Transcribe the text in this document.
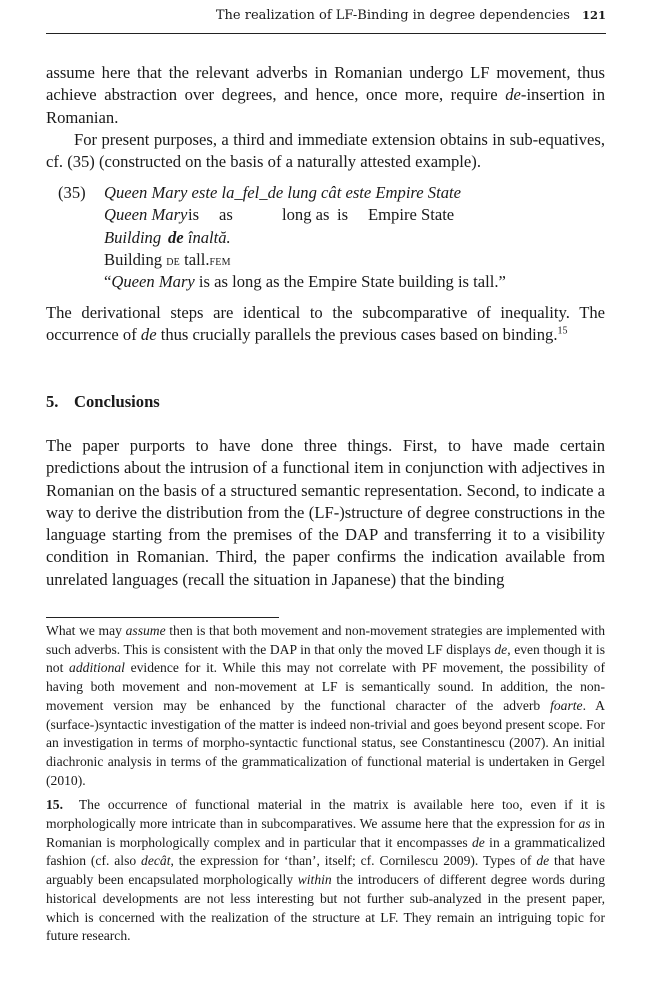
The realization of LF-Binding in degree dependencies 121

assume here that the relevant adverbs in Romanian undergo LF movement, thus achieve abstraction over degrees, and hence, once more, require de-insertion in Romanian.

For present purposes, a third and immediate extension obtains in sub-equatives, cf. (35) (constructed on the basis of a naturally attested example).

(35) Queen Mary este la_fel_de lung cât este Empire State
Queen Maryis as	long as is Empire State
Building de înaltă.
Building de tall.fem
“Queen Mary is as long as the Empire State building is tall.”

The derivational steps are identical to the subcomparative of inequality. The occurrence of de thus crucially parallels the previous cases based on binding.$^{15}$

5. Conclusions

The paper purports to have done three things. First, to have made certain predictions about the intrusion of a functional item in conjunction with adjectives in Romanian on the basis of a structured semantic representation. Second, to indicate a way to derive the distribution from the (LF-)structure of degree constructions in the language starting from the premises of the DAP and transferring it to a visibility condition in Romanian. Third, the paper confirms the indication available from unrelated languages (recall the situation in Japanese) that the binding

What we may assume then is that both movement and non-movement strategies are implemented with such adverbs. This is consistent with the DAP in that only the moved LF displays de, even though it is not additional evidence for it. While this may not correlate with PF movement, the possibility of having both movement and non-movement at LF is semantically sound. In addition, the non-movement version may be enhanced by the functional character of the adverb foarte. A (surface-)syntactic investigation of the matter is indeed non-trivial and goes beyond present scope. For an investigation in terms of morpho-syntactic functional status, see Constantinescu (2007). An initial diachronic analysis in terms of the grammaticalization of functional material is undertaken in Gergel (2010).

15. The occurrence of functional material in the matrix is available here too, even if it is morphologically more intricate than in subcomparatives. We assume here that the expression for as in Romanian is morphologically complex and in particular that it encompasses de in a grammaticalized fashion (cf. also decât, the expression for ‘than’, itself; cf. Cornilescu 2009). Types of de that have arguably been encapsulated morphologically within the introducers of different degree words during historical developments are not less interesting but not further sub-analyzed in the present paper, which is concerned with the realization of the structure at LF. They remain an intriguing topic for future research.
